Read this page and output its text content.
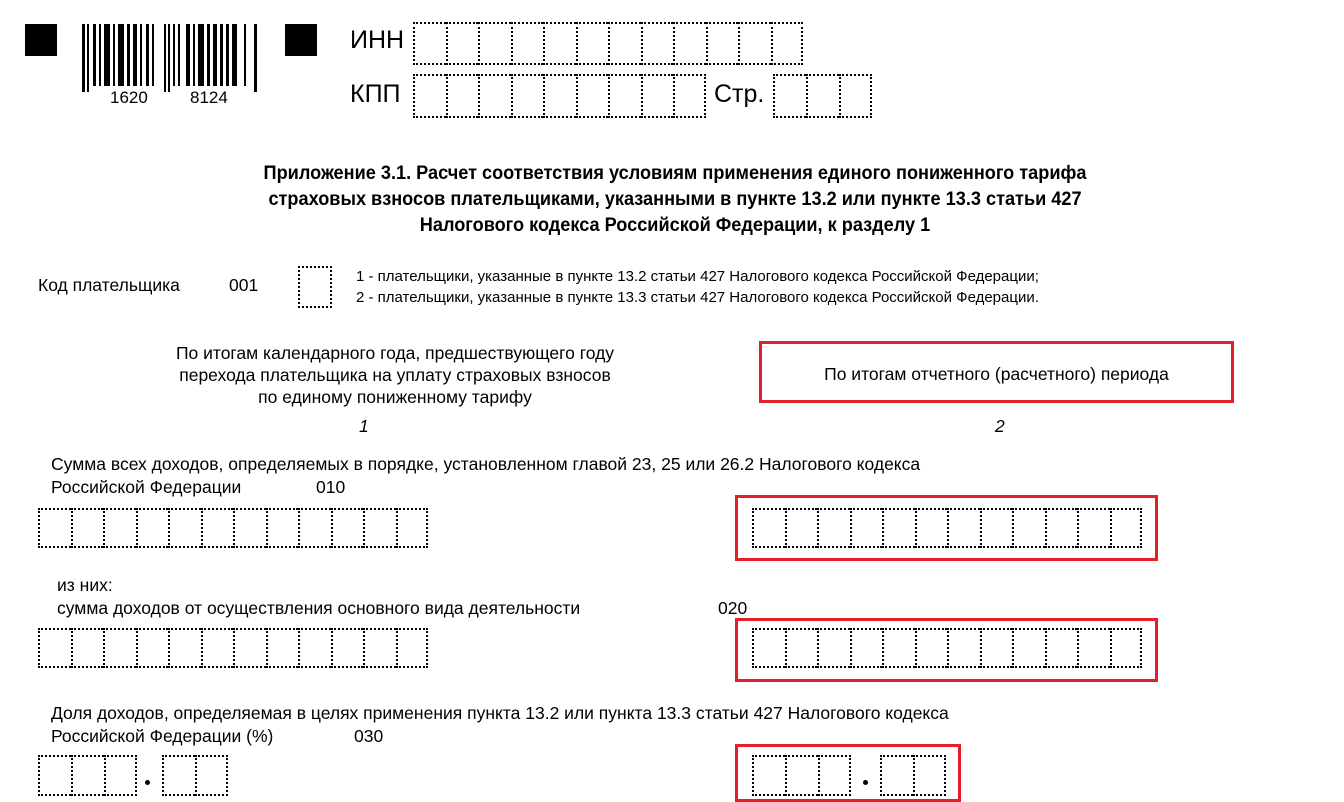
1620 8124
ИНН
КПП	Стр.
Приложение 3.1. Расчет соответствия условиям применения единого пониженного тарифа
страховых взносов плательщиками, указанными в пункте 13.2 или пункте 13.3 статьи 427
Налогового кодекса Российской Федерации, к разделу 1
Код плательщика	001	1 - плательщики, указанные в пункте 13.2 статьи 427 Налогового кодекса Российской Федерации;
2 - плательщики, указанные в пункте 13.3 статьи 427 Налогового кодекса Российской Федерации.
По итогам календарного года, предшествующего году
перехода плательщика на уплату страховых взносов
по единому пониженному тарифу
1
По итогам отчетного (расчетного) периода
2
Сумма всех доходов, определяемых в порядке, установленном главой 23, 25 или 26.2 Налогового кодекса
Российской Федерации	010
из них:
сумма доходов от осуществления основного вида деятельности	020
Доля доходов, определяемая в целях применения пункта 13.2 или пункта 13.3 статьи 427 Налогового кодекса
Российской Федерации (%)	030
